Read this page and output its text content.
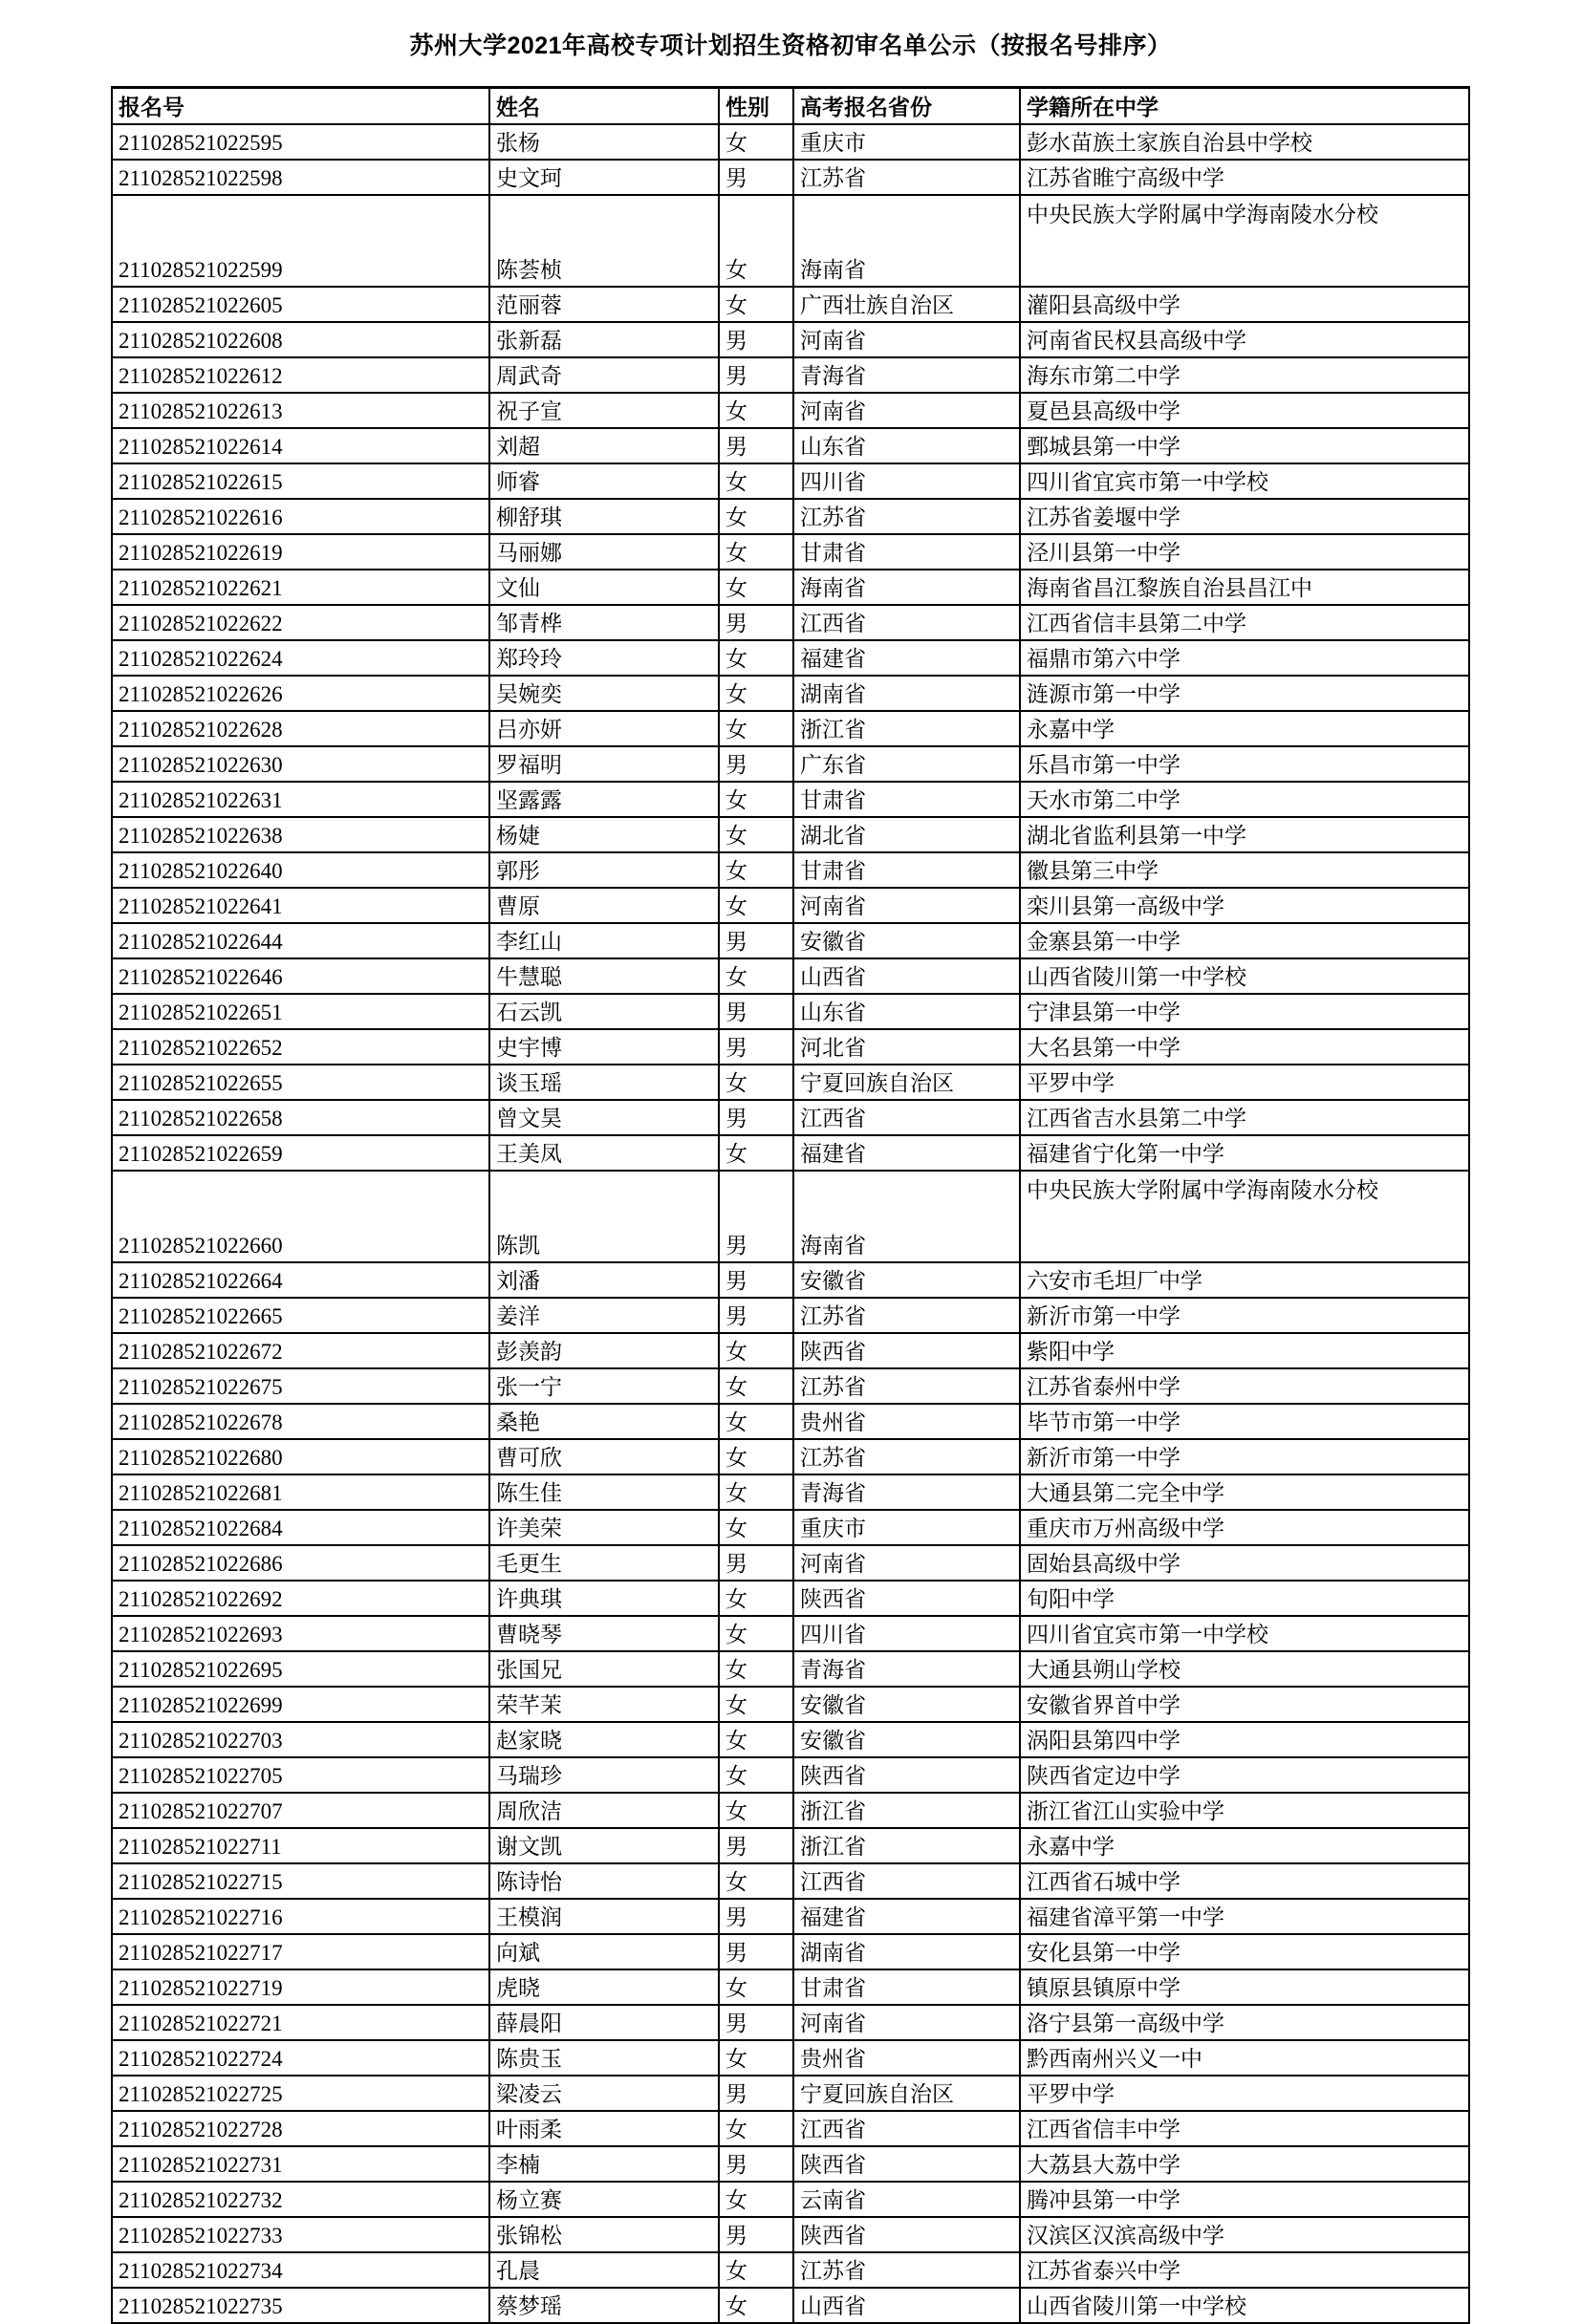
苏州大学2021年高校专项计划招生资格初审名单公示（按报名号排序）
报名号	姓名	性别	高考报名省份	学籍所在中学
211028521022595	张杨	女	重庆市	彭水苗族土家族自治县中学校
211028521022598	史文珂	男	江苏省	江苏省睢宁高级中学
211028521022599	陈荟桢	女	海南省	中央民族大学附属中学海南陵水分校
211028521022605	范丽蓉	女	广西壮族自治区	灌阳县高级中学
211028521022608	张新磊	男	河南省	河南省民权县高级中学
211028521022612	周武奇	男	青海省	海东市第二中学
211028521022613	祝子宣	女	河南省	夏邑县高级中学
211028521022614	刘超	男	山东省	鄄城县第一中学
211028521022615	师睿	女	四川省	四川省宜宾市第一中学校
211028521022616	柳舒琪	女	江苏省	江苏省姜堰中学
211028521022619	马丽娜	女	甘肃省	泾川县第一中学
211028521022621	文仙	女	海南省	海南省昌江黎族自治县昌江中
211028521022622	邹青桦	男	江西省	江西省信丰县第二中学
211028521022624	郑玲玲	女	福建省	福鼎市第六中学
211028521022626	吴婉奕	女	湖南省	涟源市第一中学
211028521022628	吕亦妍	女	浙江省	永嘉中学
211028521022630	罗福明	男	广东省	乐昌市第一中学
211028521022631	坚露露	女	甘肃省	天水市第二中学
211028521022638	杨婕	女	湖北省	湖北省监利县第一中学
211028521022640	郭彤	女	甘肃省	徽县第三中学
211028521022641	曹原	女	河南省	栾川县第一高级中学
211028521022644	李红山	男	安徽省	金寨县第一中学
211028521022646	牛慧聪	女	山西省	山西省陵川第一中学校
211028521022651	石云凯	男	山东省	宁津县第一中学
211028521022652	史宇博	男	河北省	大名县第一中学
211028521022655	谈玉瑶	女	宁夏回族自治区	平罗中学
211028521022658	曾文昊	男	江西省	江西省吉水县第二中学
211028521022659	王美凤	女	福建省	福建省宁化第一中学
211028521022660	陈凯	男	海南省	中央民族大学附属中学海南陵水分校
211028521022664	刘潘	男	安徽省	六安市毛坦厂中学
211028521022665	姜洋	男	江苏省	新沂市第一中学
211028521022672	彭羡韵	女	陕西省	紫阳中学
211028521022675	张一宁	女	江苏省	江苏省泰州中学
211028521022678	桑艳	女	贵州省	毕节市第一中学
211028521022680	曹可欣	女	江苏省	新沂市第一中学
211028521022681	陈生佳	女	青海省	大通县第二完全中学
211028521022684	许美荣	女	重庆市	重庆市万州高级中学
211028521022686	毛更生	男	河南省	固始县高级中学
211028521022692	许典琪	女	陕西省	旬阳中学
211028521022693	曹晓琴	女	四川省	四川省宜宾市第一中学校
211028521022695	张国兄	女	青海省	大通县朔山学校
211028521022699	荣芊茉	女	安徽省	安徽省界首中学
211028521022703	赵家晓	女	安徽省	涡阳县第四中学
211028521022705	马瑞珍	女	陕西省	陕西省定边中学
211028521022707	周欣洁	女	浙江省	浙江省江山实验中学
211028521022711	谢文凯	男	浙江省	永嘉中学
211028521022715	陈诗怡	女	江西省	江西省石城中学
211028521022716	王模润	男	福建省	福建省漳平第一中学
211028521022717	向斌	男	湖南省	安化县第一中学
211028521022719	虎晓	女	甘肃省	镇原县镇原中学
211028521022721	薛晨阳	男	河南省	洛宁县第一高级中学
211028521022724	陈贵玉	女	贵州省	黔西南州兴义一中
211028521022725	梁凌云	男	宁夏回族自治区	平罗中学
211028521022728	叶雨柔	女	江西省	江西省信丰中学
211028521022731	李楠	男	陕西省	大荔县大荔中学
211028521022732	杨立赛	女	云南省	腾冲县第一中学
211028521022733	张锦松	男	陕西省	汉滨区汉滨高级中学
211028521022734	孔晨	女	江苏省	江苏省泰兴中学
211028521022735	蔡梦瑶	女	山西省	山西省陵川第一中学校
